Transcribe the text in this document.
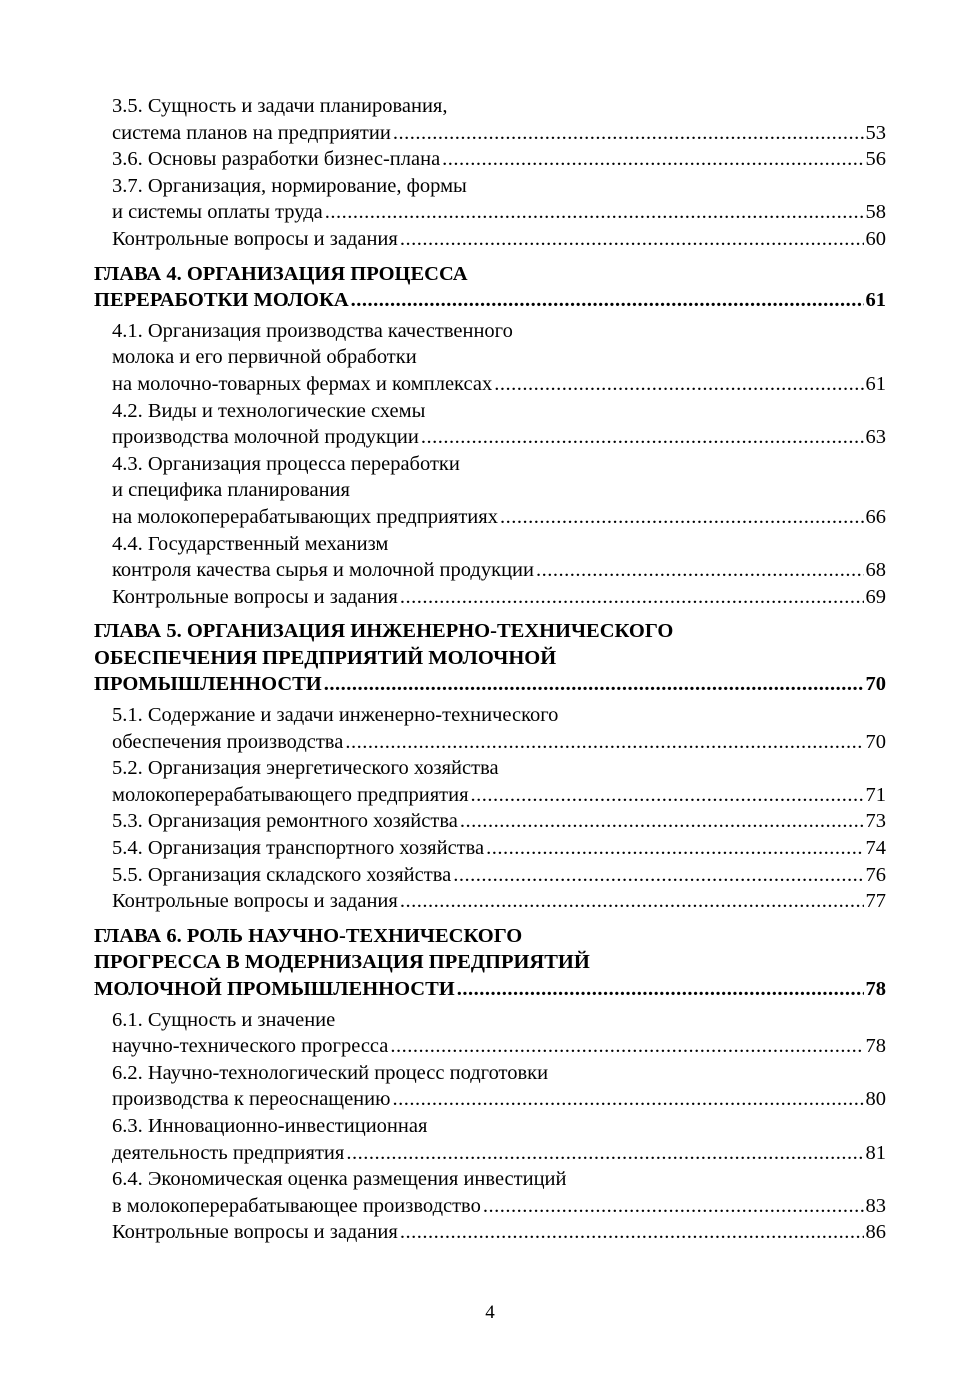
3.5. Сущность и задачи планирования,
система планов на предприятии .....	53
3.6. Основы разработки бизнес-плана .....	56
3.7. Организация, нормирование, формы
и системы оплаты труда .....	58
Контрольные вопросы и задания .....	60
ГЛАВА 4. ОРГАНИЗАЦИЯ ПРОЦЕССА
ПЕРЕРАБОТКИ МОЛОКА .....	61
4.1. Организация производства качественного
молока и его первичной обработки
на молочно-товарных фермах и комплексах .....	61
4.2. Виды и технологические схемы
производства молочной продукции .....	63
4.3. Организация процесса переработки
и специфика планирования
на молокоперерабатывающих предприятиях .....	66
4.4. Государственный механизм
контроля качества сырья и молочной продукции .....	68
Контрольные вопросы и задания .....	69
ГЛАВА 5. ОРГАНИЗАЦИЯ ИНЖЕНЕРНО-ТЕХНИЧЕСКОГО
ОБЕСПЕЧЕНИЯ ПРЕДПРИЯТИЙ МОЛОЧНОЙ
ПРОМЫШЛЕННОСТИ .....	70
5.1. Содержание и задачи инженерно-технического
обеспечения производства .....	70
5.2. Организация энергетического хозяйства
молокоперерабатывающего предприятия .....	71
5.3. Организация ремонтного хозяйства .....	73
5.4. Организация транспортного хозяйства .....	74
5.5. Организация складского хозяйства .....	76
Контрольные вопросы и задания .....	77
ГЛАВА 6. РОЛЬ НАУЧНО-ТЕХНИЧЕСКОГО
ПРОГРЕССА В МОДЕРНИЗАЦИЯ ПРЕДПРИЯТИЙ
МОЛОЧНОЙ ПРОМЫШЛЕННОСТИ .....	78
6.1. Сущность и значение
научно-технического прогресса .....	78
6.2. Научно-технологический процесс подготовки
производства к переоснащению .....	80
6.3. Инновационно-инвестиционная
деятельность предприятия .....	81
6.4. Экономическая оценка размещения инвестиций
в молокоперерабатывающее производство .....	83
Контрольные вопросы и задания .....	86
4
